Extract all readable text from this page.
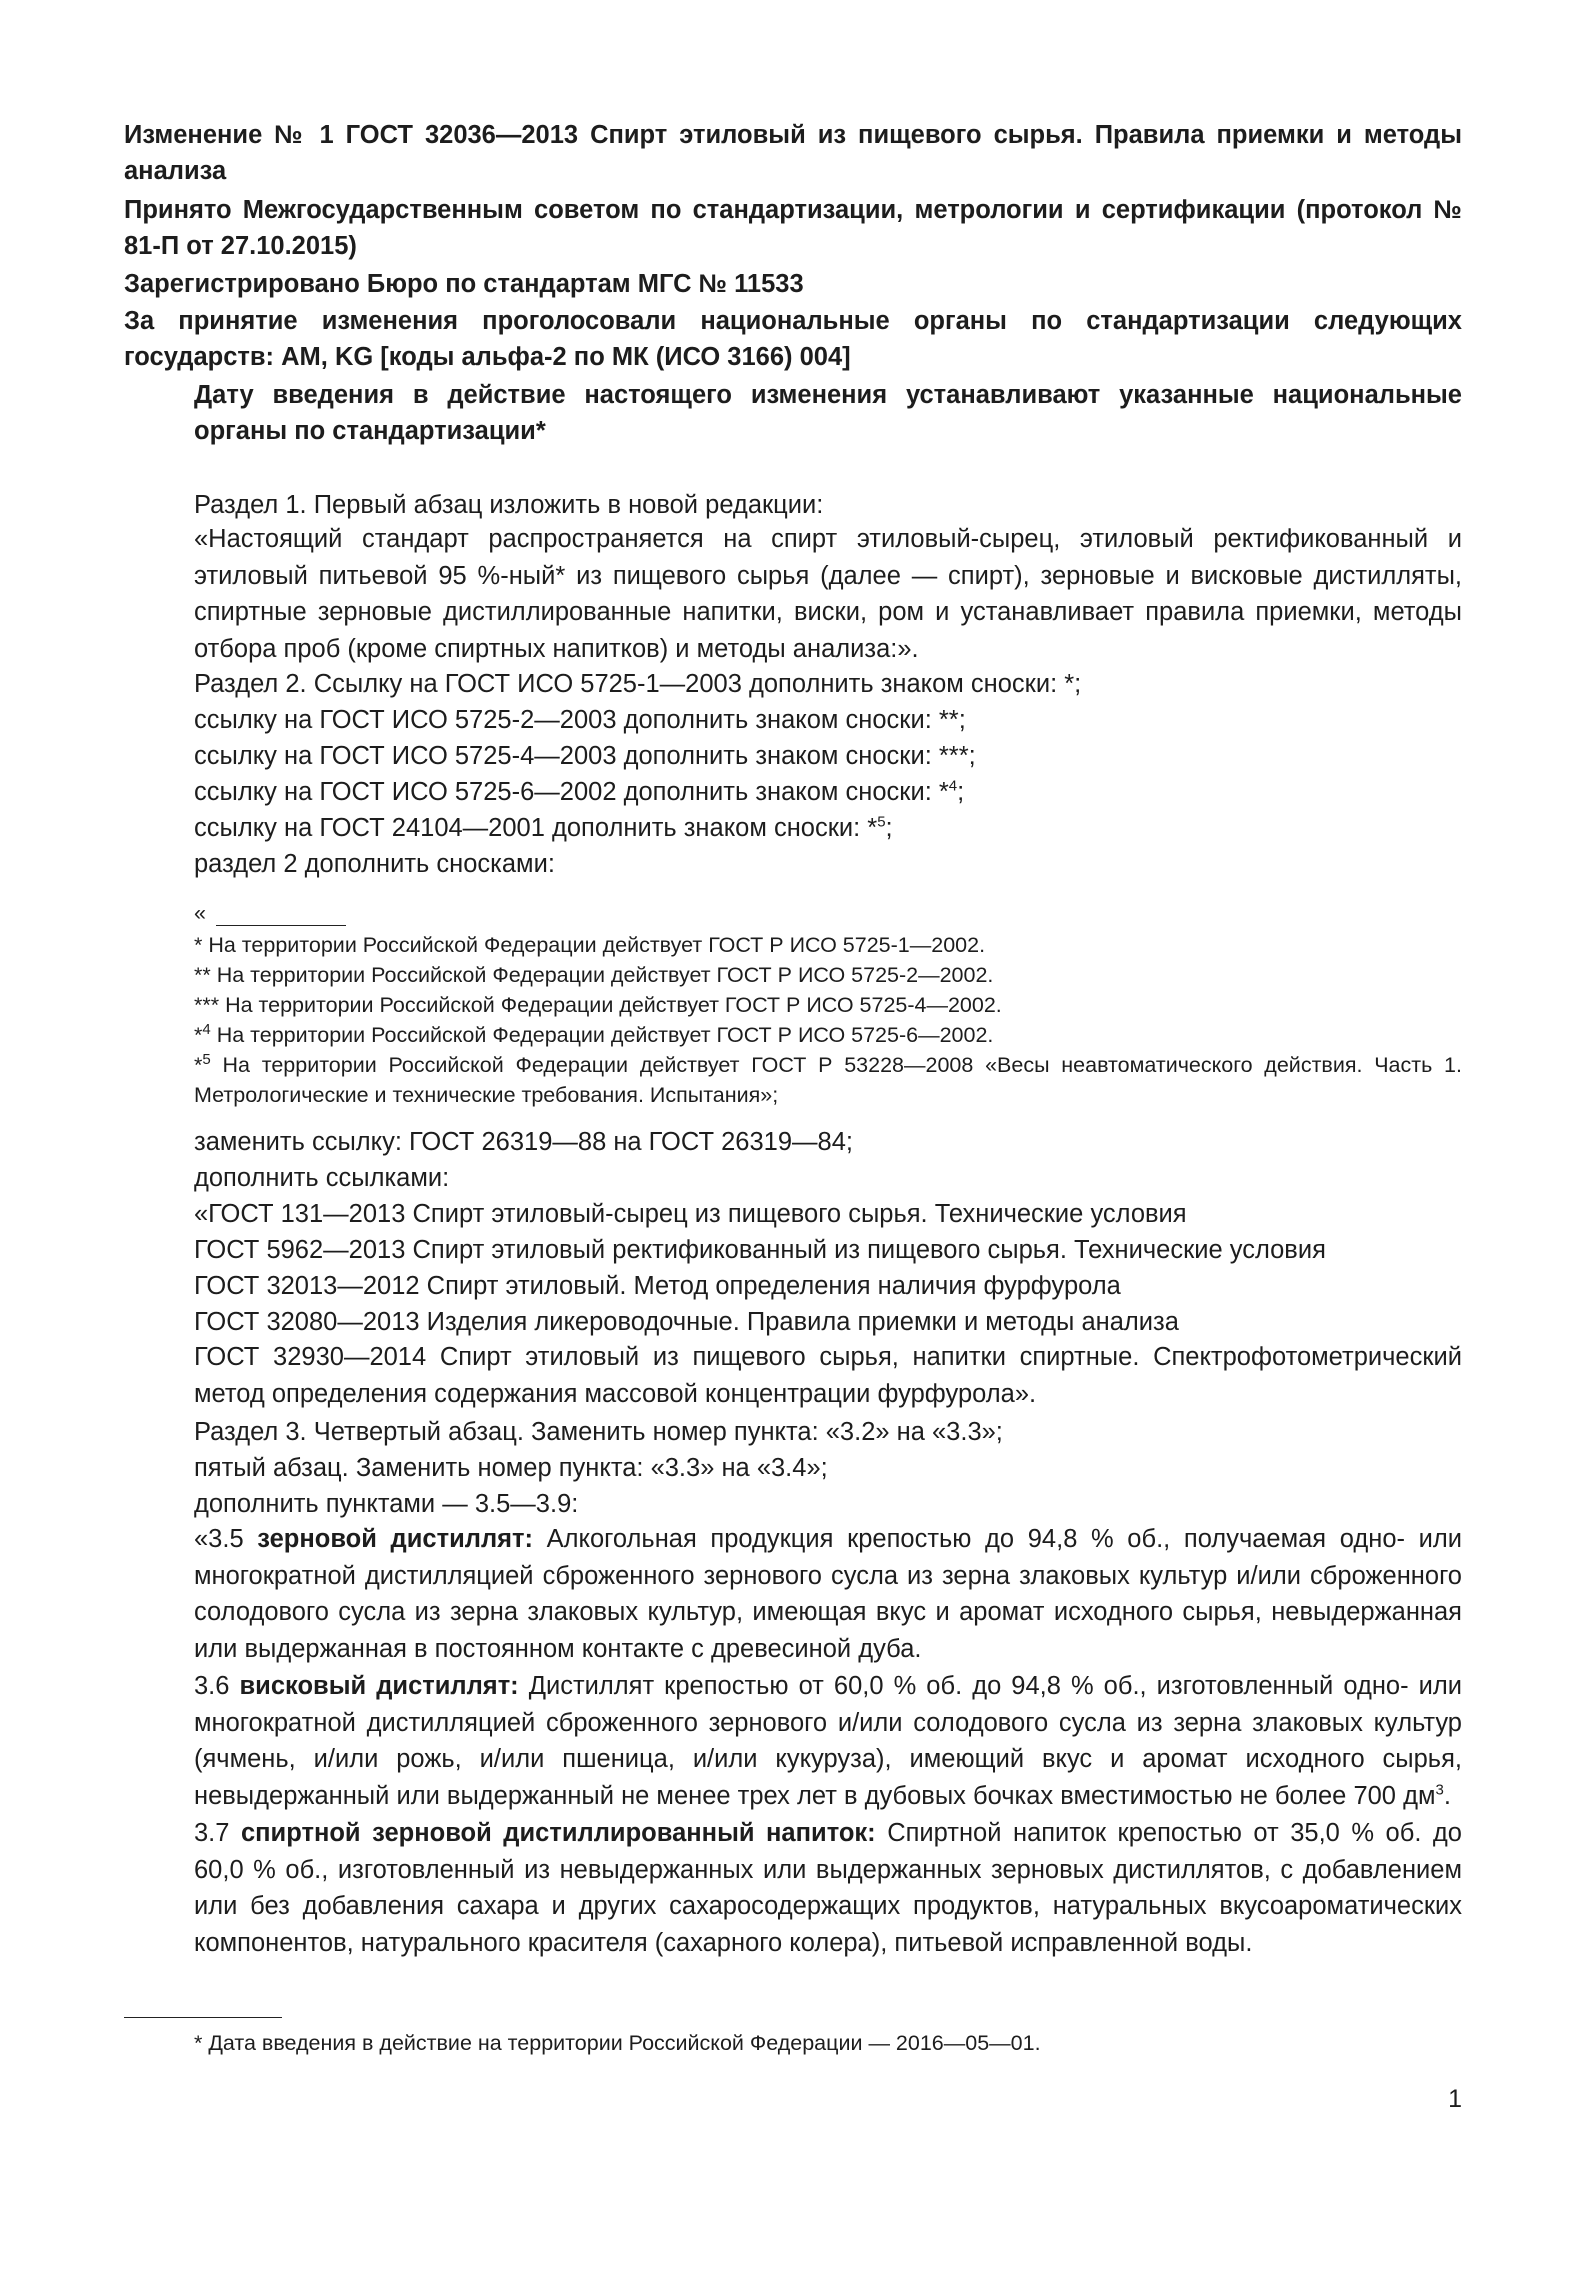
Изменение № 1 ГОСТ 32036—2013 Спирт этиловый из пищевого сырья. Правила приемки и методы анализа

Принято Межгосударственным советом по стандартизации, метрологии и сертификации (протокол № 81-П от 27.10.2015)

Зарегистрировано Бюро по стандартам МГС № 11533

За принятие изменения проголосовали национальные органы по стандартизации следующих государств: AM, KG [коды альфа-2 по МК (ИСО 3166) 004]

Дату введения в действие настоящего изменения устанавливают указанные национальные органы по стандартизации*

Раздел 1. Первый абзац изложить в новой редакции:

«Настоящий стандарт распространяется на спирт этиловый-сырец, этиловый ректификованный и этиловый питьевой 95 %-ный* из пищевого сырья (далее — спирт), зерновые и висковые дистилляты, спиртные зерновые дистиллированные напитки, виски, ром и устанавливает правила приемки, методы отбора проб (кроме спиртных напитков) и методы анализа:».

Раздел 2. Ссылку на ГОСТ ИСО 5725-1—2003 дополнить знаком сноски: *;

ссылку на ГОСТ ИСО 5725-2—2003 дополнить знаком сноски: **;

ссылку на ГОСТ ИСО 5725-4—2003 дополнить знаком сноски: ***;

ссылку на ГОСТ ИСО 5725-6—2002 дополнить знаком сноски: *$^4$;

ссылку на ГОСТ 24104—2001 дополнить знаком сноски: *$^5$;

раздел 2 дополнить сносками:

«

* На территории Российской Федерации действует ГОСТ Р ИСО 5725-1—2002.

** На территории Российской Федерации действует ГОСТ Р ИСО 5725-2—2002.

*** На территории Российской Федерации действует ГОСТ Р ИСО 5725-4—2002.

*$^4$ На территории Российской Федерации действует ГОСТ Р ИСО 5725-6—2002.

*$^5$ На территории Российской Федерации действует ГОСТ Р 53228—2008 «Весы неавтоматического действия. Часть 1. Метрологические и технические требования. Испытания»;

заменить ссылку: ГОСТ 26319—88 на ГОСТ 26319—84;

дополнить ссылками:

«ГОСТ 131—2013 Спирт этиловый-сырец из пищевого сырья. Технические условия

ГОСТ 5962—2013 Спирт этиловый ректификованный из пищевого сырья. Технические условия

ГОСТ 32013—2012 Спирт этиловый. Метод определения наличия фурфурола

ГОСТ 32080—2013 Изделия ликероводочные. Правила приемки и методы анализа

ГОСТ 32930—2014 Спирт этиловый из пищевого сырья, напитки спиртные. Спектрофотометрический метод определения содержания массовой концентрации фурфурола».

Раздел 3. Четвертый абзац. Заменить номер пункта: «3.2» на «3.3»;

пятый абзац. Заменить номер пункта: «3.3» на «3.4»;

дополнить пунктами — 3.5—3.9:

«3.5 зерновой дистиллят: Алкогольная продукция крепостью до 94,8 % об., получаемая одно- или многократной дистилляцией сброженного зернового сусла из зерна злаковых культур и/или сброженного солодового сусла из зерна злаковых культур, имеющая вкус и аромат исходного сырья, невыдержанная или выдержанная в постоянном контакте с древесиной дуба.

3.6 висковый дистиллят: Дистиллят крепостью от 60,0 % об. до 94,8 % об., изготовленный одно- или многократной дистилляцией сброженного зернового и/или солодового сусла из зерна злаковых культур (ячмень, и/или рожь, и/или пшеница, и/или кукуруза), имеющий вкус и аромат исходного сырья, невыдержанный или выдержанный не менее трех лет в дубовых бочках вместимостью не более 700 $дм^3$.

3.7 спиртной зерновой дистиллированный напиток: Спиртной напиток крепостью от 35,0 % об. до 60,0 % об., изготовленный из невыдержанных или выдержанных зерновых дистиллятов, с добавлением или без добавления сахара и других сахаросодержащих продуктов, натуральных вкусоароматических компонентов, натурального красителя (сахарного колера), питьевой исправленной воды.

* Дата введения в действие на территории Российской Федерации — 2016—05—01.

1
